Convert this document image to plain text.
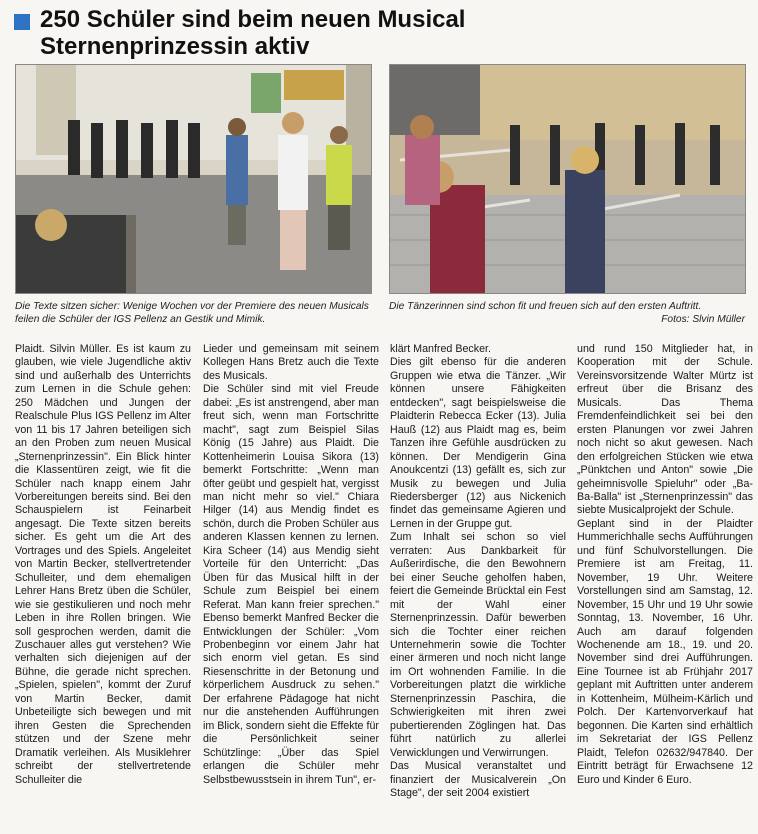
250 Schüler sind beim neuen Musical
Sternenprinzessin aktiv
Die Texte sitzen sicher: Wenige Wochen vor der Premiere des neuen Musicals feilen die Schüler der IGS Pellenz an Gestik und Mimik.
Die Tänzerinnen sind schon fit und freuen sich auf den ersten Auftritt.
Fotos: Slvin Müller

Plaidt. Silvin Müller. Es ist kaum zu glauben, wie viele Jugendliche aktiv sind und außerhalb des Unterrichts zum Lernen in die Schule gehen: 250 Mädchen und Jungen der Realschule Plus IGS Pellenz im Alter von 11 bis 17 Jahren beteiligen sich an den Proben zum neuen Musical „Sternenprinzessin". Ein Blick hinter die Klassentüren zeigt, wie fit die Schüler nach knapp einem Jahr Vorbereitungen bereits sind. Bei den Schauspielern ist Feinarbeit angesagt. Die Texte sitzen bereits sicher. Es geht um die Art des Vortrages und des Spiels. Angeleitet von Martin Becker, stellvertretender Schulleiter, und dem ehemaligen Lehrer Hans Bretz üben die Schüler, wie sie gestikulieren und noch mehr Leben in ihre Rollen bringen. Wie soll gesprochen werden, damit die Zuschauer alles gut verstehen? Wie verhalten sich diejenigen auf der Bühne, die gerade nicht sprechen. „Spielen, spielen", kommt der Zuruf von Martin Becker, damit Unbeteiligte sich bewegen und mit ihren Gesten die Sprechenden stützen und der Szene mehr Dramatik verleihen. Als Musiklehrer schreibt der stellvertretende Schulleiter die

Lieder und gemeinsam mit seinem Kollegen Hans Bretz auch die Texte des Musicals.

Die Schüler sind mit viel Freude dabei: „Es ist anstrengend, aber man freut sich, wenn man Fortschritte macht", sagt zum Beispiel Silas König (15 Jahre) aus Plaidt. Die Kottenheimerin Louisa Sikora (13) bemerkt Fortschritte: „Wenn man öfter geübt und gespielt hat, vergisst man nicht mehr so viel." Chiara Hilger (14) aus Mendig findet es schön, durch die Proben Schüler aus anderen Klassen kennen zu lernen. Kira Scheer (14) aus Mendig sieht Vorteile für den Unterricht: „Das Üben für das Musical hilft in der Schule zum Beispiel bei einem Referat. Man kann freier sprechen." Ebenso bemerkt Manfred Becker die Entwicklungen der Schüler: „Vom Probenbeginn vor einem Jahr hat sich enorm viel getan. Es sind Riesenschritte in der Betonung und körperlichem Ausdruck zu sehen." Der erfahrene Pädagoge hat nicht nur die anstehenden Aufführungen im Blick, sondern sieht die Effekte für die Persönlichkeit seiner Schützlinge: „Über das Spiel erlangen die Schüler mehr Selbstbewusstsein in ihrem Tun", er-

klärt Manfred Becker.

Dies gilt ebenso für die anderen Gruppen wie etwa die Tänzer. „Wir können unsere Fähigkeiten entdecken", sagt beispielsweise die Plaidterin Rebecca Ecker (13). Julia Hauß (12) aus Plaidt mag es, beim Tanzen ihre Gefühle ausdrücken zu können. Der Mendigerin Gina Anoukcentzi (13) gefällt es, sich zur Musik zu bewegen und Julia Riedersberger (12) aus Nickenich findet das gemeinsame Agieren und Lernen in der Gruppe gut.

Zum Inhalt sei schon so viel verraten: Aus Dankbarkeit für Außerirdische, die den Bewohnern bei einer Seuche geholfen haben, feiert die Gemeinde Brücktal ein Fest mit der Wahl einer Sternenprinzessin. Dafür bewerben sich die Tochter einer reichen Unternehmerin sowie die Tochter einer ärmeren und noch nicht lange im Ort wohnenden Familie. In die Vorbereitungen platzt die wirkliche Sternenprinzessin Paschira, die Schwierigkeiten mit ihren zwei pubertierenden Zöglingen hat. Das führt natürlich zu allerlei Verwicklungen und Verwirrungen.

Das Musical veranstaltet und finanziert der Musicalverein „On Stage", der seit 2004 existiert

und rund 150 Mitglieder hat, in Kooperation mit der Schule. Vereinsvorsitzende Walter Mürtz ist erfreut über die Brisanz des Musicals. Das Thema Fremdenfeindlichkeit sei bei den ersten Planungen vor zwei Jahren noch nicht so akut gewesen. Nach den erfolgreichen Stücken wie etwa „Pünktchen und Anton" sowie „Die geheimnisvolle Spieluhr" oder „Ba-Ba-Balla" ist „Sternenprinzessin" das siebte Musicalprojekt der Schule.

Geplant sind in der Plaidter Hummerichhalle sechs Aufführungen und fünf Schulvorstellungen. Die Premiere ist am Freitag, 11. November, 19 Uhr. Weitere Vorstellungen sind am Samstag, 12. November, 15 Uhr und 19 Uhr sowie Sonntag, 13. November, 16 Uhr. Auch am darauf folgenden Wochenende am 18., 19. und 20. November sind drei Aufführungen. Eine Tournee ist ab Frühjahr 2017 geplant mit Auftritten unter anderem in Kottenheim, Mülheim-Kärlich und Polch. Der Kartenvorverkauf hat begonnen. Die Karten sind erhältlich im Sekretariat der IGS Pellenz Plaidt, Telefon 02632/947840. Der Eintritt beträgt für Erwachsene 12 Euro und Kinder 6 Euro.
